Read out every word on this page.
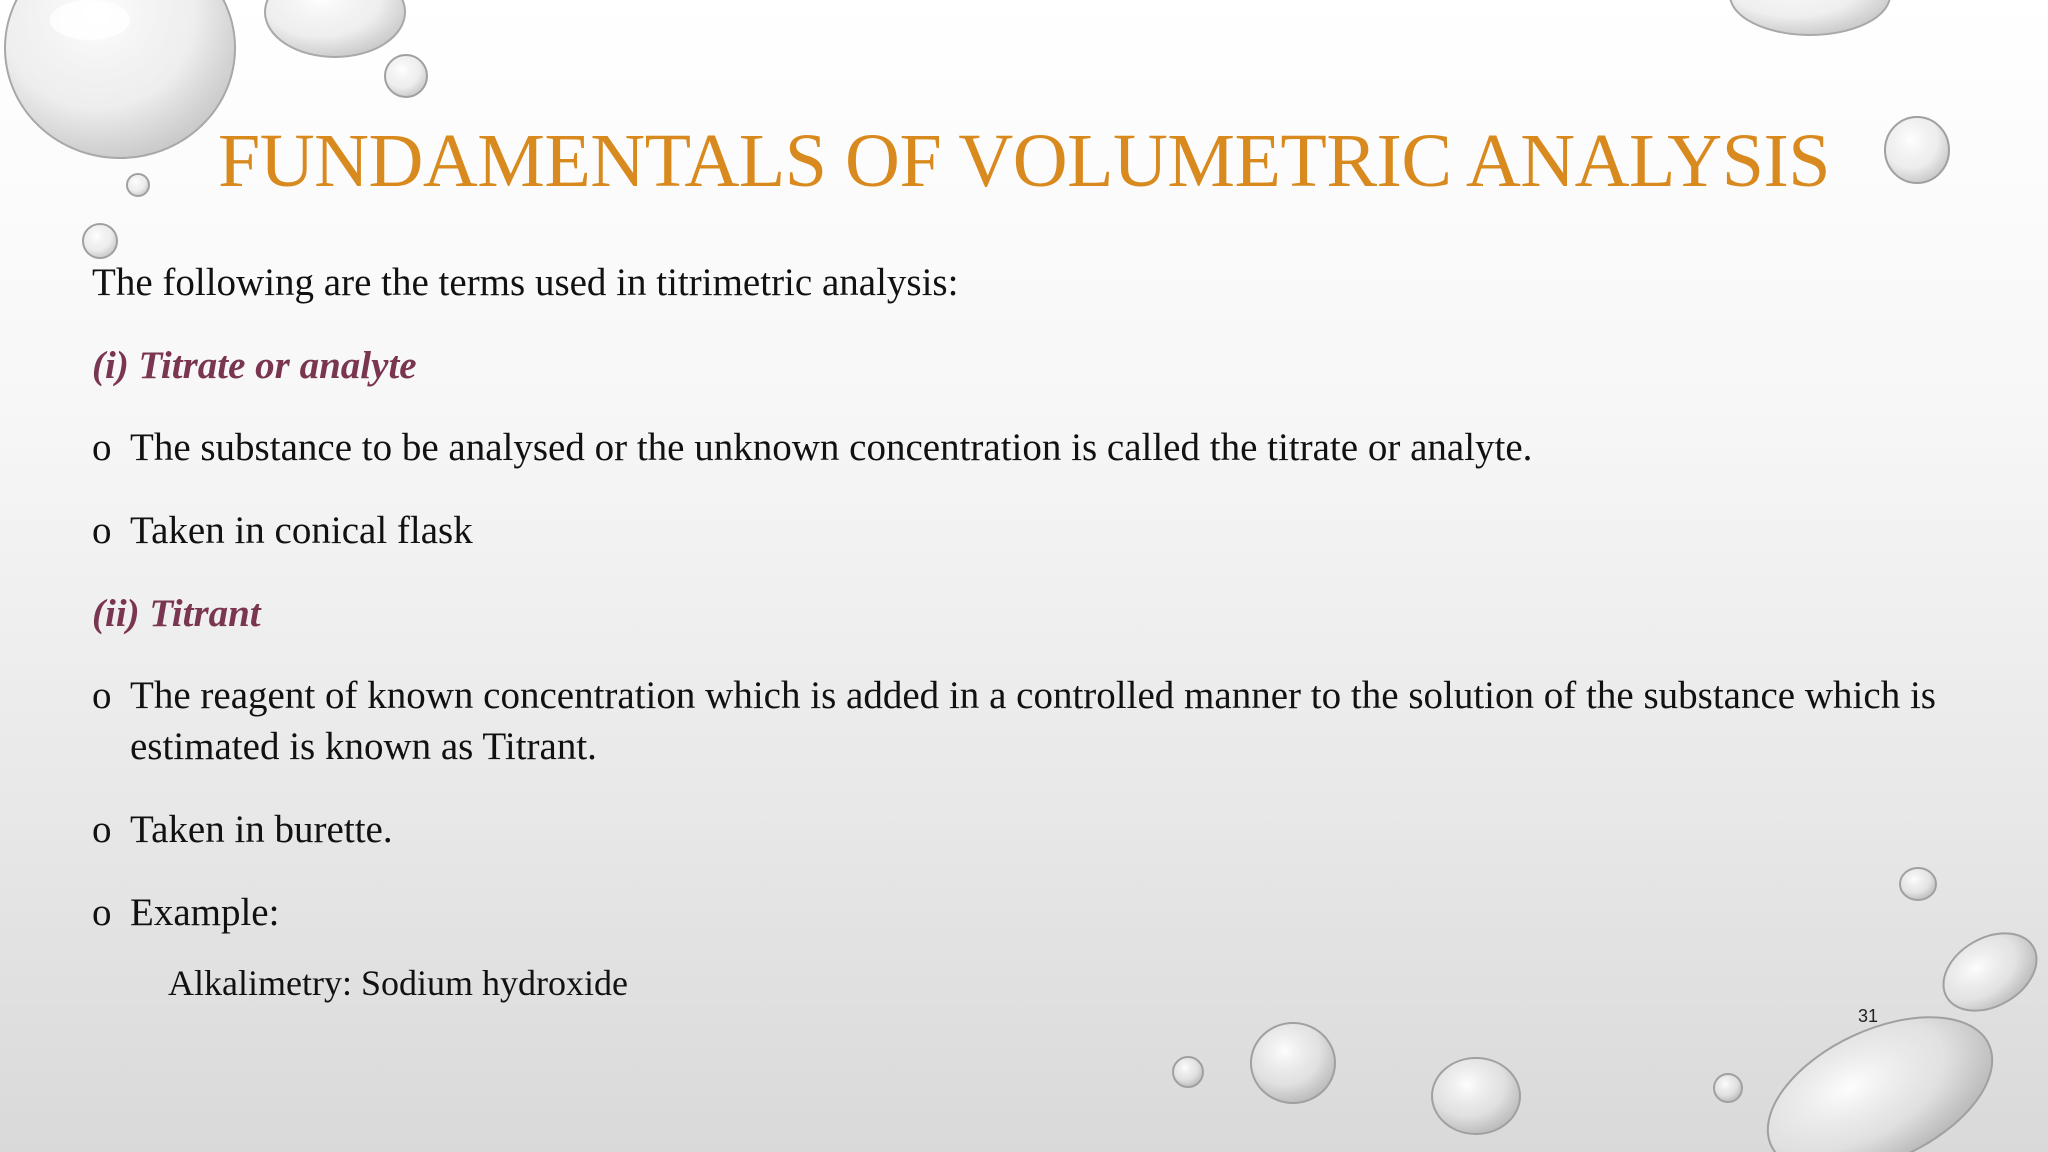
FUNDAMENTALS OF VOLUMETRIC ANALYSIS

The following are the terms used in titrimetric analysis:

(i) Titrate or analyte

o The substance to be analysed or the unknown concentration is called the titrate or analyte.
o Taken in conical flask

(ii) Titrant

o The reagent of known concentration which is added in a controlled manner to the solution of the substance which is estimated is known as Titrant.
o Taken in burette.
o Example:

Alkalimetry: Sodium hydroxide

31
